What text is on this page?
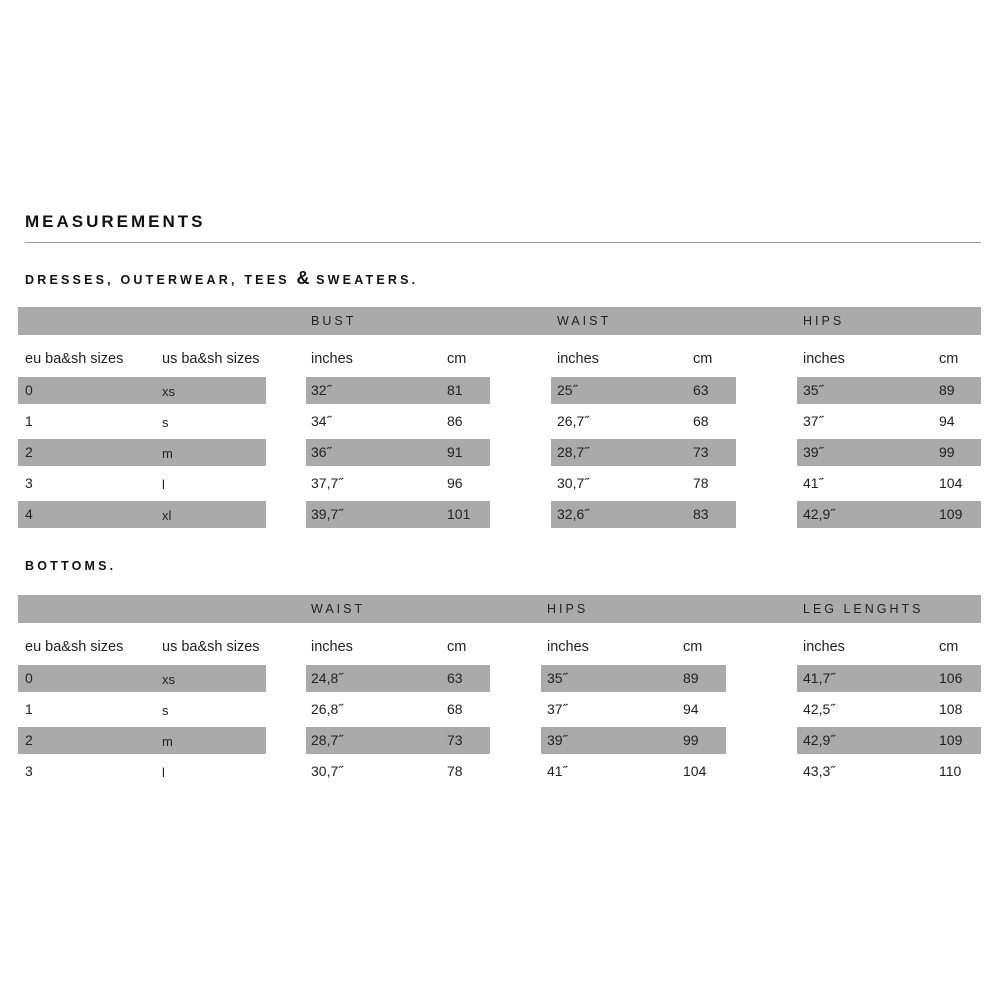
MEASUREMENTS
DRESSES, OUTERWEAR, TEES & SWEATERS.
BUST	WAIST	HIPS
eu ba&sh sizes	us ba&sh sizes	inches	cm	inches	cm	inches	cm
0	xs	32˝	81	25˝	63	35˝	89
1	s	34˝	86	26,7˝	68	37˝	94
2	m	36˝	91	28,7˝	73	39˝	99
3	l	37,7˝	96	30,7˝	78	41˝	104
4	xl	39,7˝	101	32,6˝	83	42,9˝	109
BOTTOMS.
WAIST	HIPS	LEG LENGHTS
eu ba&sh sizes	us ba&sh sizes	inches	cm	inches	cm	inches	cm
0	xs	24,8˝	63	35˝	89	41,7˝	106
1	s	26,8˝	68	37˝	94	42,5˝	108
2	m	28,7˝	73	39˝	99	42,9˝	109
3	l	30,7˝	78	41˝	104	43,3˝	110
